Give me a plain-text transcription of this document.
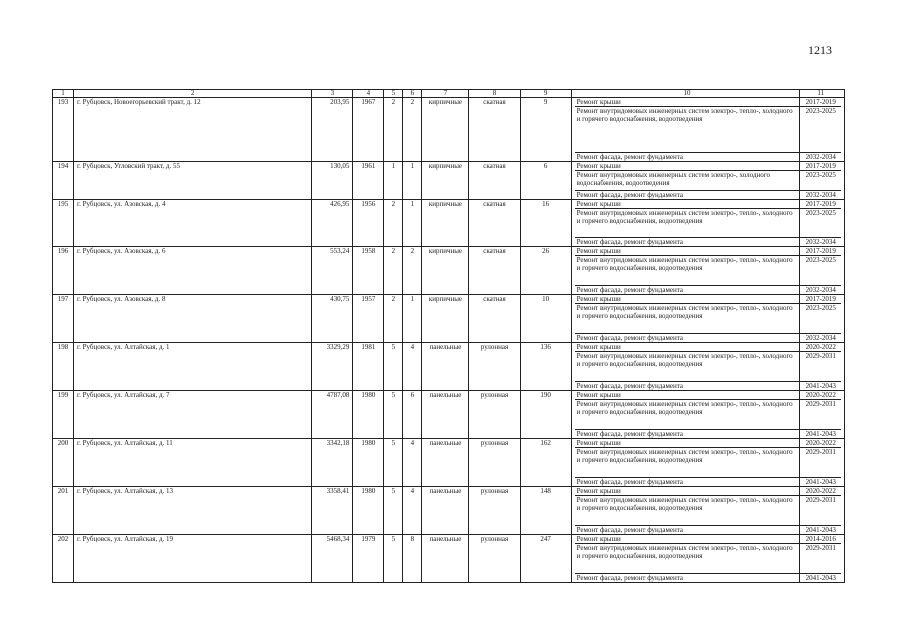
1213
1	2	3	4	5	6	7	8	9		10	11

193	г. Рубцовск, Новоегорьевский тракт, д. 12	203,95	1967	2	2	кирпичные	скатная	9		Ремонт крыши	2017-2019
Ремонт внутридомовых инженерных систем электро-, тепло-, холодного и горячего водоснабжения, водоотведения	2023-2025
Ремонт фасада, ремонт фундамента	2032-2034

194	г. Рубцовск, Угловский тракт, д. 55	130,05	1961	1	1	кирпичные	скатная	6		Ремонт крыши	2017-2019
Ремонт внутридомовых инженерных систем электро-, холодного водоснабжения, водоотведения	2023-2025
Ремонт фасада, ремонт фундамента	2032-2034

195	г. Рубцовск, ул. Азовская, д. 4	426,95	1956	2	1	кирпичные	скатная	16		Ремонт крыши	2017-2019
Ремонт внутридомовых инженерных систем электро-, тепло-, холодного и горячего водоснабжения, водоотведения	2023-2025
Ремонт фасада, ремонт фундамента	2032-2034

196	г. Рубцовск, ул. Азовская, д. 6	553,24	1958	2	2	кирпичные	скатная	26		Ремонт крыши	2017-2019
Ремонт внутридомовых инженерных систем электро-, тепло-, холодного и горячего водоснабжения, водоотведения	2023-2025
Ремонт фасада, ремонт фундамента	2032-2034

197	г. Рубцовск, ул. Азовская, д. 8	430,75	1957	2	1	кирпичные	скатная	10		Ремонт крыши	2017-2019
Ремонт внутридомовых инженерных систем электро-, тепло-, холодного и горячего водоснабжения, водоотведения	2023-2025
Ремонт фасада, ремонт фундамента	2032-2034

198	г. Рубцовск, ул. Алтайская, д. 1	3329,29	1981	5	4	панельные	рулонная	136		Ремонт крыши	2020-2022
Ремонт внутридомовых инженерных систем электро-, тепло-, холодного и горячего водоснабжения, водоотведения	2029-2031
Ремонт фасада, ремонт фундамента	2041-2043

199	г. Рубцовск, ул. Алтайская, д. 7	4787,08	1980	5	6	панельные	рулонная	190		Ремонт крыши	2020-2022
Ремонт внутридомовых инженерных систем электро-, тепло-, холодного и горячего водоснабжения, водоотведения	2029-2031
Ремонт фасада, ремонт фундамента	2041-2043

200	г. Рубцовск, ул. Алтайская, д. 11	3342,18	1980	5	4	панельные	рулонная	162		Ремонт крыши	2020-2022
Ремонт внутридомовых инженерных систем электро-, тепло-, холодного и горячего водоснабжения, водоотведения	2029-2031
Ремонт фасада, ремонт фундамента	2041-2043

201	г. Рубцовск, ул. Алтайская, д. 13	3358,41	1980	5	4	панельные	рулонная	148		Ремонт крыши	2020-2022
Ремонт внутридомовых инженерных систем электро-, тепло-, холодного и горячего водоснабжения, водоотведения	2029-2031
Ремонт фасада, ремонт фундамента	2041-2043

202	г. Рубцовск, ул. Алтайская, д. 19	5468,34	1979	5	8	панельные	рулонная	247		Ремонт крыши	2014-2016
Ремонт внутридомовых инженерных систем электро-, тепло-, холодного и горячего водоснабжения, водоотведения	2029-2031
Ремонт фасада, ремонт фундамента	2041-2043
